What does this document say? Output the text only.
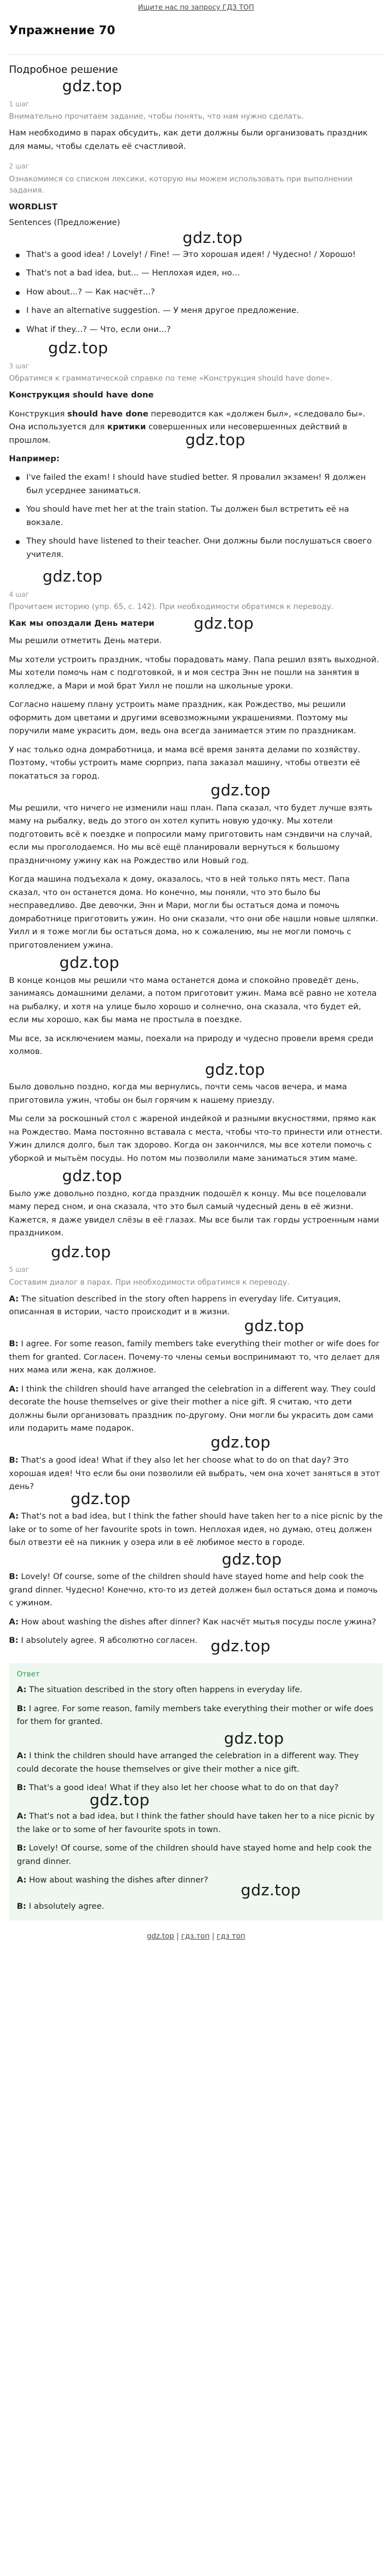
Ищите нас по запросу ГДЗ ТОП
Упражнение 70
Подробное решение
gdz.top
1 шаг
Внимательно прочитаем задание, чтобы понять, что нам нужно сделать.

Нам необходимо в парах обсудить, как дети должны были организовать праздник для мамы, чтобы сделать её счастливой.

2 шаг
Ознакомимся со списком лексики, которую мы можем использовать при выполнении задания.

WORDLIST

Sentences (Предложение)

gdz.top
That's a good idea! / Lovely! / Fine! — Это хорошая идея! / Чудесно! / Хорошо!
That's not a bad idea, but... — Неплохая идея, но...
How about...? — Как насчёт...?
I have an alternative suggestion. — У меня другое предложение.
What if they...? — Что, если они...?
gdz.top
3 шаг
Обратимся к грамматической справке по теме «Конструкция should have done».

Конструкция should have done

Конструкция should have done переводится как «должен был», «следовало бы». Она используется для критики совершенных или несовершенных действий в прошлом.	gdz.top

Например:

I've failed the exam! I should have studied better. Я провалил экзамен! Я должен был усерднее заниматься.
You should have met her at the train station. Ты должен был встретить её на вокзале.
They should have listened to their teacher. Они должны были послушаться своего учителя.
gdz.top
4 шаг
Прочитаем историю (упр. 65, с. 142). При необходимости обратимся к переводу.

Как мы опоздали День матери	gdz.top

Мы решили отметить День матери.

Мы хотели устроить праздник, чтобы порадовать маму. Папа решил взять выходной. Мы хотели помочь нам с подготовкой, я и моя сестра Энн не пошли на занятия в колледже, а Мари и мой брат Уилл не пошли на школьные уроки.

Согласно нашему плану устроить маме праздник, как Рождество, мы решили оформить дом цветами и другими всевозможными украшениями. Поэтому мы поручили маме украсить дом, ведь она всегда занимается этим по праздникам.

У нас только одна домработница, и мама всё время занята делами по хозяйству. Поэтому, чтобы устроить маме сюрприз, папа заказал машину, чтобы отвезти её покататься за город.

gdz.top

Мы решили, что ничего не изменили наш план. Папа сказал, что будет лучше взять маму на рыбалку, ведь до этого он хотел купить новую удочку. Мы хотели подготовить всё к поездке и попросили маму приготовить нам сэндвичи на случай, если мы проголодаемся. Но мы всё ещё планировали вернуться к большому праздничному ужину как на Рождество или Новый год.

Когда машина подъехала к дому, оказалось, что в ней только пять мест. Папа сказал, что он останется дома. Но конечно, мы поняли, что это было бы несправедливо. Две девочки, Энн и Мари, могли бы остаться дома и помочь домработнице приготовить ужин. Но они сказали, что они обе нашли новые шляпки. Уилл и я тоже могли бы остаться дома, но к сожалению, мы не могли помочь с приготовлением ужина.

gdz.top

В конце концов мы решили что мама останется дома и спокойно проведёт день, занимаясь домашними делами, а потом приготовит ужин. Мама всё равно не хотела на рыбалку, и хотя на улице было хорошо и солнечно, она сказала, что будет ей, если мы хорошо, как бы мама не простыла в поездке.

Мы все, за исключением мамы, поехали на природу и чудесно провели время среди холмов.

gdz.top

Было довольно поздно, когда мы вернулись, почти семь часов вечера, и мама приготовила ужин, чтобы он был горячим к нашему приезду.

Мы сели за роскошный стол с жареной индейкой и разными вкусностями, прямо как на Рождество. Мама постоянно вставала с места, чтобы что-то принести или отнести. Ужин длился долго, был так здорово. Когда он закончился, мы все хотели помочь с уборкой и мытьём посуды. Но потом мы позволили маме заниматься этим маме.

gdz.top

Было уже довольно поздно, когда праздник подошёл к концу. Мы все поцеловали маму перед сном, и она сказала, что это был самый чудесный день в её жизни. Кажется, я даже увидел слёзы в её глазах. Мы все были так горды устроенным нами праздником.

gdz.top
5 шаг
Составим диалог в парах. При необходимости обратимся к переводу.

A: The situation described in the story often happens in everyday life. Ситуация, описанная в истории, часто происходит и в жизни.

gdz.top

B: I agree. For some reason, family members take everything their mother or wife does for them for granted. Согласен. Почему-то члены семьи воспринимают то, что делает для них мама или жена, как должное.

A: I think the children should have arranged the celebration in a different way. They could decorate the house themselves or give their mother a nice gift. Я считаю, что дети должны были организовать праздник по-другому. Они могли бы украсить дом сами или подарить маме подарок.

gdz.top

B: That's a good idea! What if they also let her choose what to do on that day? Это хорошая идея! Что если бы они позволили ей выбрать, чем она хочет заняться в этот день?

gdz.top

A: That's not a bad idea, but I think the father should have taken her to a nice picnic by the lake or to some of her favourite spots in town. Неплохая идея, но думаю, отец должен был отвезти её на пикник у озера или в её любимое место в городе.

gdz.top

B: Lovely! Of course, some of the children should have stayed home and help cook the grand dinner. Чудесно! Конечно, кто-то из детей должен был остаться дома и помочь с ужином.

A: How about washing the dishes after dinner? Как насчёт мытья посуды после ужина?

B: I absolutely agree. Я абсолютно согласен. gdz.top
Ответ

A: The situation described in the story often happens in everyday life.

B: I agree. For some reason, family members take everything their mother or wife does for them for granted.

gdz.top

A: I think the children should have arranged the celebration in a different way. They could decorate the house themselves or give their mother a nice gift.

B: That's a good idea! What if they also let her choose what to do on that day?

gdz.top

A: That's not a bad idea, but I think the father should have taken her to a nice picnic by the lake or to some of her favourite spots in town.

B: Lovely! Of course, some of the children should have stayed home and help cook the grand dinner.

A: How about washing the dishes after dinner?

gdz.top

B: I absolutely agree.

gdz.top | гдз.топ | гдз топ
